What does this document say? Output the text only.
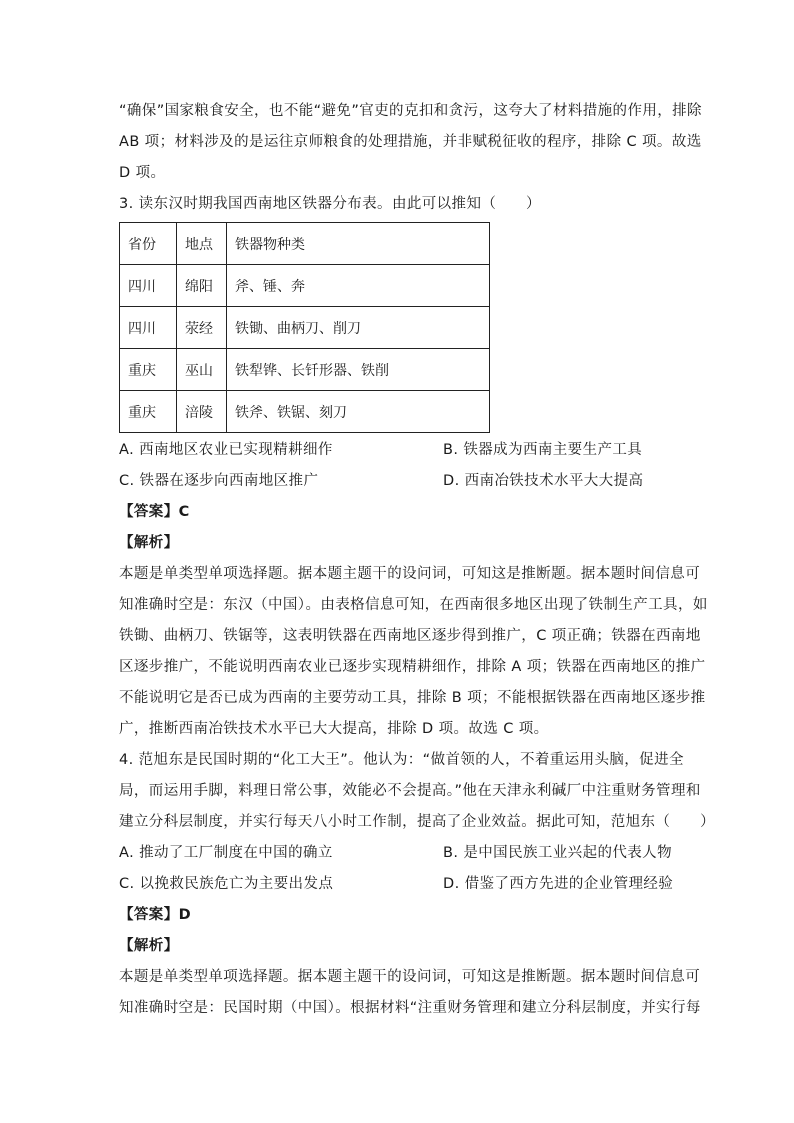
“确保”国家粮食安全，也不能“避免”官吏的克扣和贪污，这夸大了材料措施的作用，排除
AB 项；材料涉及的是运往京师粮食的处理措施，并非赋税征收的程序，排除 C 项。故选
D 项。
3. 读东汉时期我国西南地区铁器分布表。由此可以推知（　　）
省份	地点	铁器物种类
四川	绵阳	斧、锤、奔
四川	荥经	铁锄、曲柄刀、削刀
重庆	巫山	铁犁铧、长钎形器、铁削
重庆	涪陵	铁斧、铁锯、刻刀
A. 西南地区农业已实现精耕细作	B. 铁器成为西南主要生产工具
C. 铁器在逐步向西南地区推广	D. 西南冶铁技术水平大大提高
【答案】C
【解析】
本题是单类型单项选择题。据本题主题干的设问词，可知这是推断题。据本题时间信息可
知准确时空是：东汉（中国）。由表格信息可知，在西南很多地区出现了铁制生产工具，如
铁锄、曲柄刀、铁锯等，这表明铁器在西南地区逐步得到推广，C 项正确；铁器在西南地
区逐步推广，不能说明西南农业已逐步实现精耕细作，排除 A 项；铁器在西南地区的推广
不能说明它是否已成为西南的主要劳动工具，排除 B 项；不能根据铁器在西南地区逐步推
广，推断西南冶铁技术水平已大大提高，排除 D 项。故选 C 项。
4. 范旭东是民国时期的“化工大王”。他认为：“做首领的人，不着重运用头脑，促进全
局，而运用手脚，料理日常公事，效能必不会提高。”他在天津永利碱厂中注重财务管理和
建立分科层制度，并实行每天八小时工作制，提高了企业效益。据此可知，范旭东（　　）
A. 推动了工厂制度在中国的确立	B. 是中国民族工业兴起的代表人物
C. 以挽救民族危亡为主要出发点	D. 借鉴了西方先进的企业管理经验
【答案】D
【解析】
本题是单类型单项选择题。据本题主题干的设问词，可知这是推断题。据本题时间信息可
知准确时空是：民国时期（中国）。根据材料“注重财务管理和建立分科层制度，并实行每
